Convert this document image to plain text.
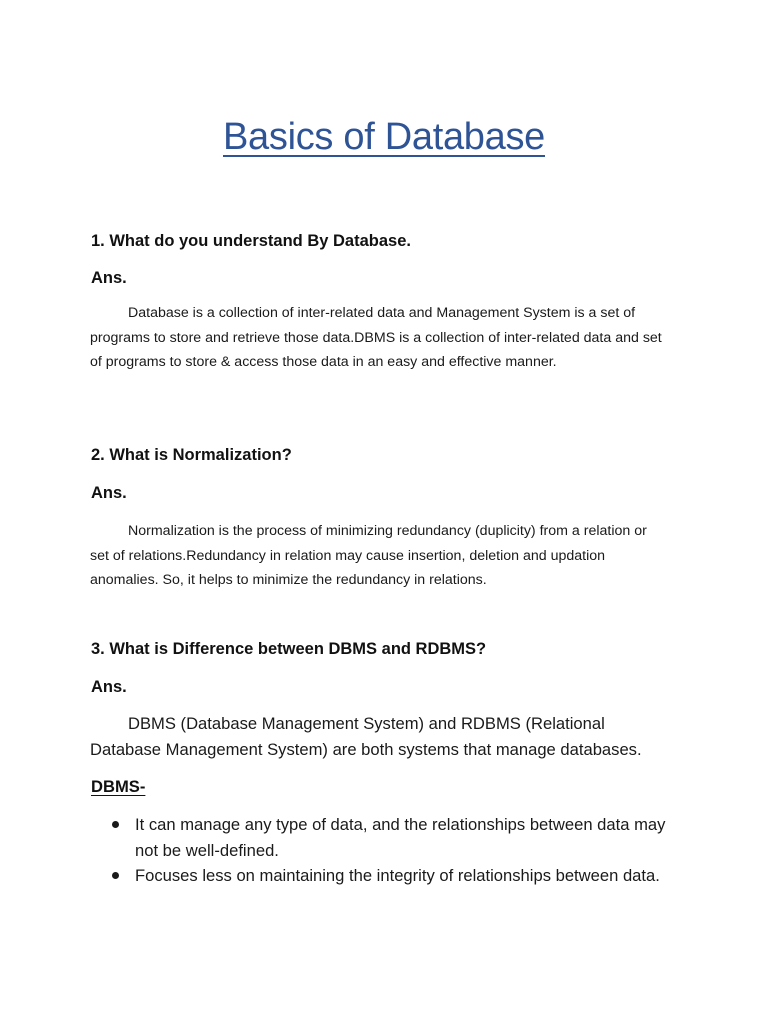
Basics of Database
1. What do you understand By Database.
Ans.
Database is a collection of inter-related data and Management System is a set of programs to store and retrieve those data.DBMS is a collection of inter-related data and set of programs to store & access those data in an easy and effective manner.
2. What is Normalization?
Ans.
Normalization is the process of minimizing redundancy (duplicity) from a relation or set of relations.Redundancy in relation may cause insertion, deletion and updation anomalies. So, it helps to minimize the redundancy in relations.
3. What is Difference between DBMS and RDBMS?
Ans.
DBMS (Database Management System) and RDBMS (Relational Database Management System) are both systems that manage databases.
DBMS-
It can manage any type of data, and the relationships between data may not be well-defined.
Focuses less on maintaining the integrity of relationships between data.
